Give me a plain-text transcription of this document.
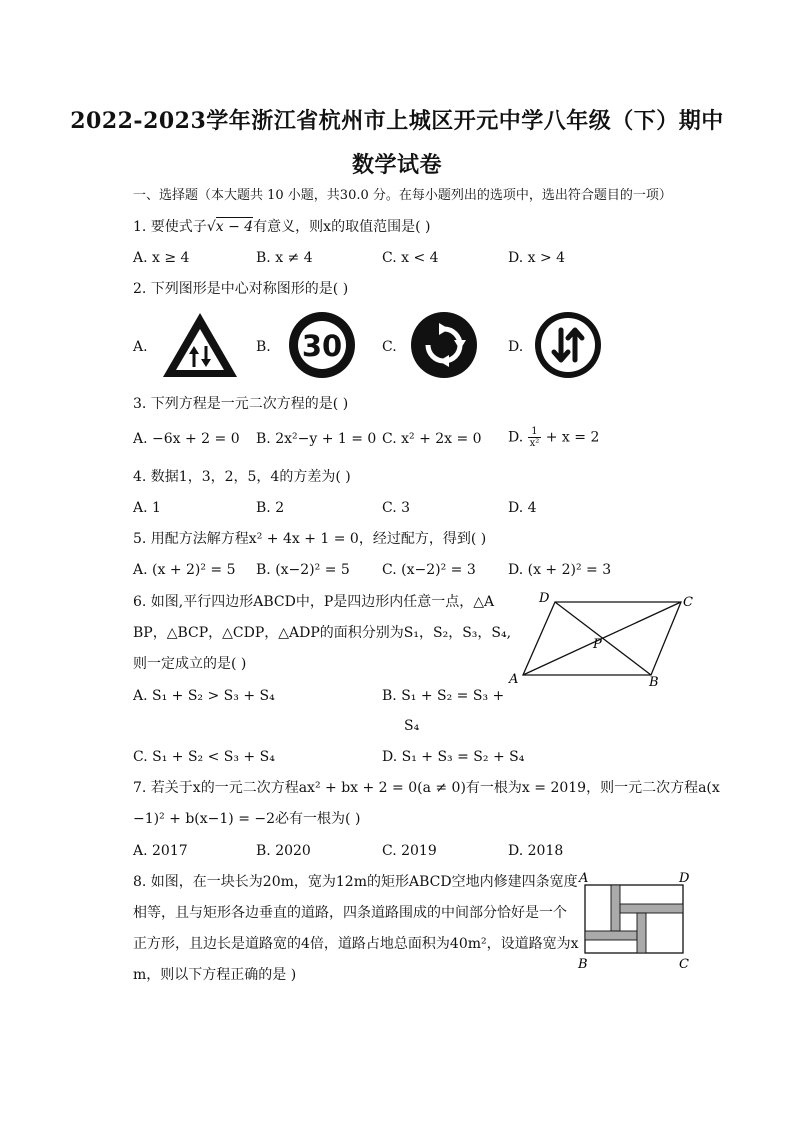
2022-2023学年浙江省杭州市上城区开元中学八年级（下）期中
数学试卷
一、选择题（本大题共 10 小题，共30.0 分。在每小题列出的选项中，选出符合题目的一项）
1. 要使式子√x − 4有意义，则x的取值范围是( )
A. x ≥ 4	B. x ≠ 4	C. x < 4	D. x > 4
2. 下列图形是中心对称图形的是( )
A.	B.	C.	D.
30
3. 下列方程是一元二次方程的是( )
A. −6x + 2 = 0 B. 2x²−y + 1 = 0 C. x² + 2x = 0 D. $\frac{1}{\text{x²}} + x = 2$
4. 数据1，3，2，5，4的方差为( )
A. 1	B. 2	C. 3	D. 4
5. 用配方法解方程x² + 4x + 1 = 0，经过配方，得到( )
A. (x + 2)² = 5 B. (x−2)² = 5 C. (x−2)² = 3 D. (x + 2)² = 3
6. 如图,平行四边形ABCD中，P是四边形内任意一点，△A
BP，△BCP，△CDP，△ADP的面积分别为S₁，S₂，S₃，S₄,
则一定成立的是( )
A. S₁ + S₂ > S₃ + S₄	B. S₁ + S₂ = S₃ +
S₄
C. S₁ + S₂ < S₃ + S₄	D. S₁ + S₃ = S₂ + S₄
A	B
C
D
P
7. 若关于x的一元二次方程ax² + bx + 2 = 0(a ≠ 0)有一根为x = 2019，则一元二次方程a(x
−1)² + b(x−1) = −2必有一根为( )
A. 2017	B. 2020	C. 2019	D. 2018
8. 如图，在一块长为20m，宽为12m的矩形ABCD空地内修建四条宽度
相等，且与矩形各边垂直的道路，四条道路围成的中间部分恰好是一个
正方形，且边长是道路宽的4倍，道路占地总面积为40m²，设道路宽为x
m，则以下方程正确的是 )
A	D
B	C
